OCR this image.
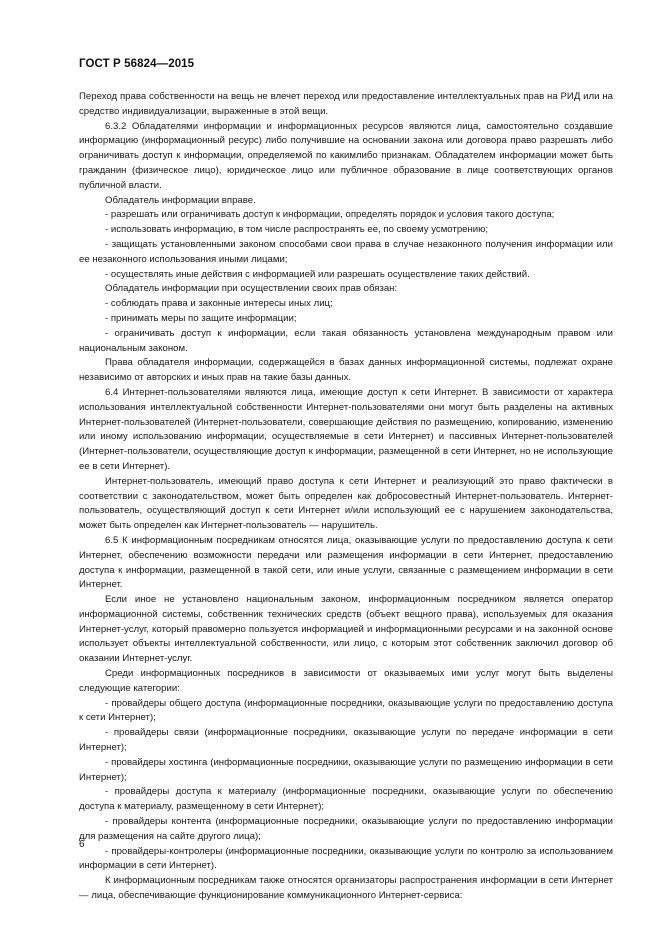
ГОСТ Р 56824—2015

Переход права собственности на вещь не влечет переход или предоставление интеллектуальных прав на РИД или на средство индивидуализации, выраженные в этой вещи.

6.3.2 Обладателями информации и информационных ресурсов являются лица, самостоятельно создавшие информацию (информационный ресурс) либо получившие на основании закона или договора право разрешать либо ограничивать доступ к информации, определяемой по какимлибо признакам. Обладателем информации может быть гражданин (физическое лицо), юридическое лицо или публичное образование в лице соответствующих органов публичной власти.

Обладатель информации вправе.

- разрешать или ограничивать доступ к информации, определять порядок и условия такого доступа;

- использовать информацию, в том числе распространять ее, по своему усмотрению;

- защищать установленными законом способами свои права в случае незаконного получения информации или ее незаконного использования иными лицами;

- осуществлять иные действия с информацией или разрешать осуществление таких действий.

Обладатель информации при осуществлении своих прав обязан:

- соблюдать права и законные интересы иных лиц;

- принимать меры по защите информации;

- ограничивать доступ к информации, если такая обязанность установлена международным правом или национальным законом.

Права обладателя информации, содержащейся в базах данных информационной системы, подлежат охране независимо от авторских и иных прав на такие базы данных.

6.4 Интернет-пользователями являются лица, имеющие доступ к сети Интернет. В зависимости от характера использования интеллектуальной собственности Интернет-пользователями они могут быть разделены на активных Интернет-пользователей (Интернет-пользователи, совершающие действия по размещению, копированию, изменению или иному использованию информации, осуществляемые в сети Интернет) и пассивных Интернет-пользователей (Интернет-пользователи, осуществляющие доступ к информации, размещенной в сети Интернет, но не использующие ее в сети Интернет).

Интернет-пользователь, имеющий право доступа к сети Интернет и реализующий это право фактически в соответствии с законодательством, может быть определен как добросовестный Интернет-пользователь. Интернет-пользователь, осуществляющий доступ к сети Интернет и/или использующий ее с нарушением законодательства, может быть определен как Интернет-пользователь — нарушитель.

6.5 К информационным посредникам относятся лица, оказывающие услуги по предоставлению доступа к сети Интернет, обеспечению возможности передачи или размещения информации в сети Интернет, предоставлению доступа к информации, размещенной в такой сети, или иные услуги, связанные с размещением информации в сети Интернет.

Если иное не установлено национальным законом, информационным посредником является оператор информационной системы, собственник технических средств (объект вещного права), используемых для оказания Интернет-услуг, который правомерно пользуется информацией и информационными ресурсами и на законной основе использует объекты интеллектуальной собственности, или лицо, с которым этот собственник заключил договор об оказании Интернет-услуг.

Среди информационных посредников в зависимости от оказываемых ими услуг могут быть выделены следующие категории:

- провайдеры общего доступа (информационные посредники, оказывающие услуги по предоставлению доступа к сети Интернет);

- провайдеры связи (информационные посредники, оказывающие услуги по передаче информации в сети Интернет);

- провайдеры хостинга (информационные посредники, оказывающие услуги по размещению информации в сети Интернет);

- провайдеры доступа к материалу (информационные посредники, оказывающие услуги по обеспечению доступа к материалу, размещенному в сети Интернет);

- провайдеры контента (информационные посредники, оказывающие услуги по предоставлению информации для размещения на сайте другого лица);

- провайдеры-контролеры (информационные посредники, оказывающие услуги по контролю за использованием информации в сети Интернет).

К информационным посредникам также относятся организаторы распространения информации в сети Интернет — лица, обеспечивающие функционирование коммуникационного Интернет-сервиса:

6
